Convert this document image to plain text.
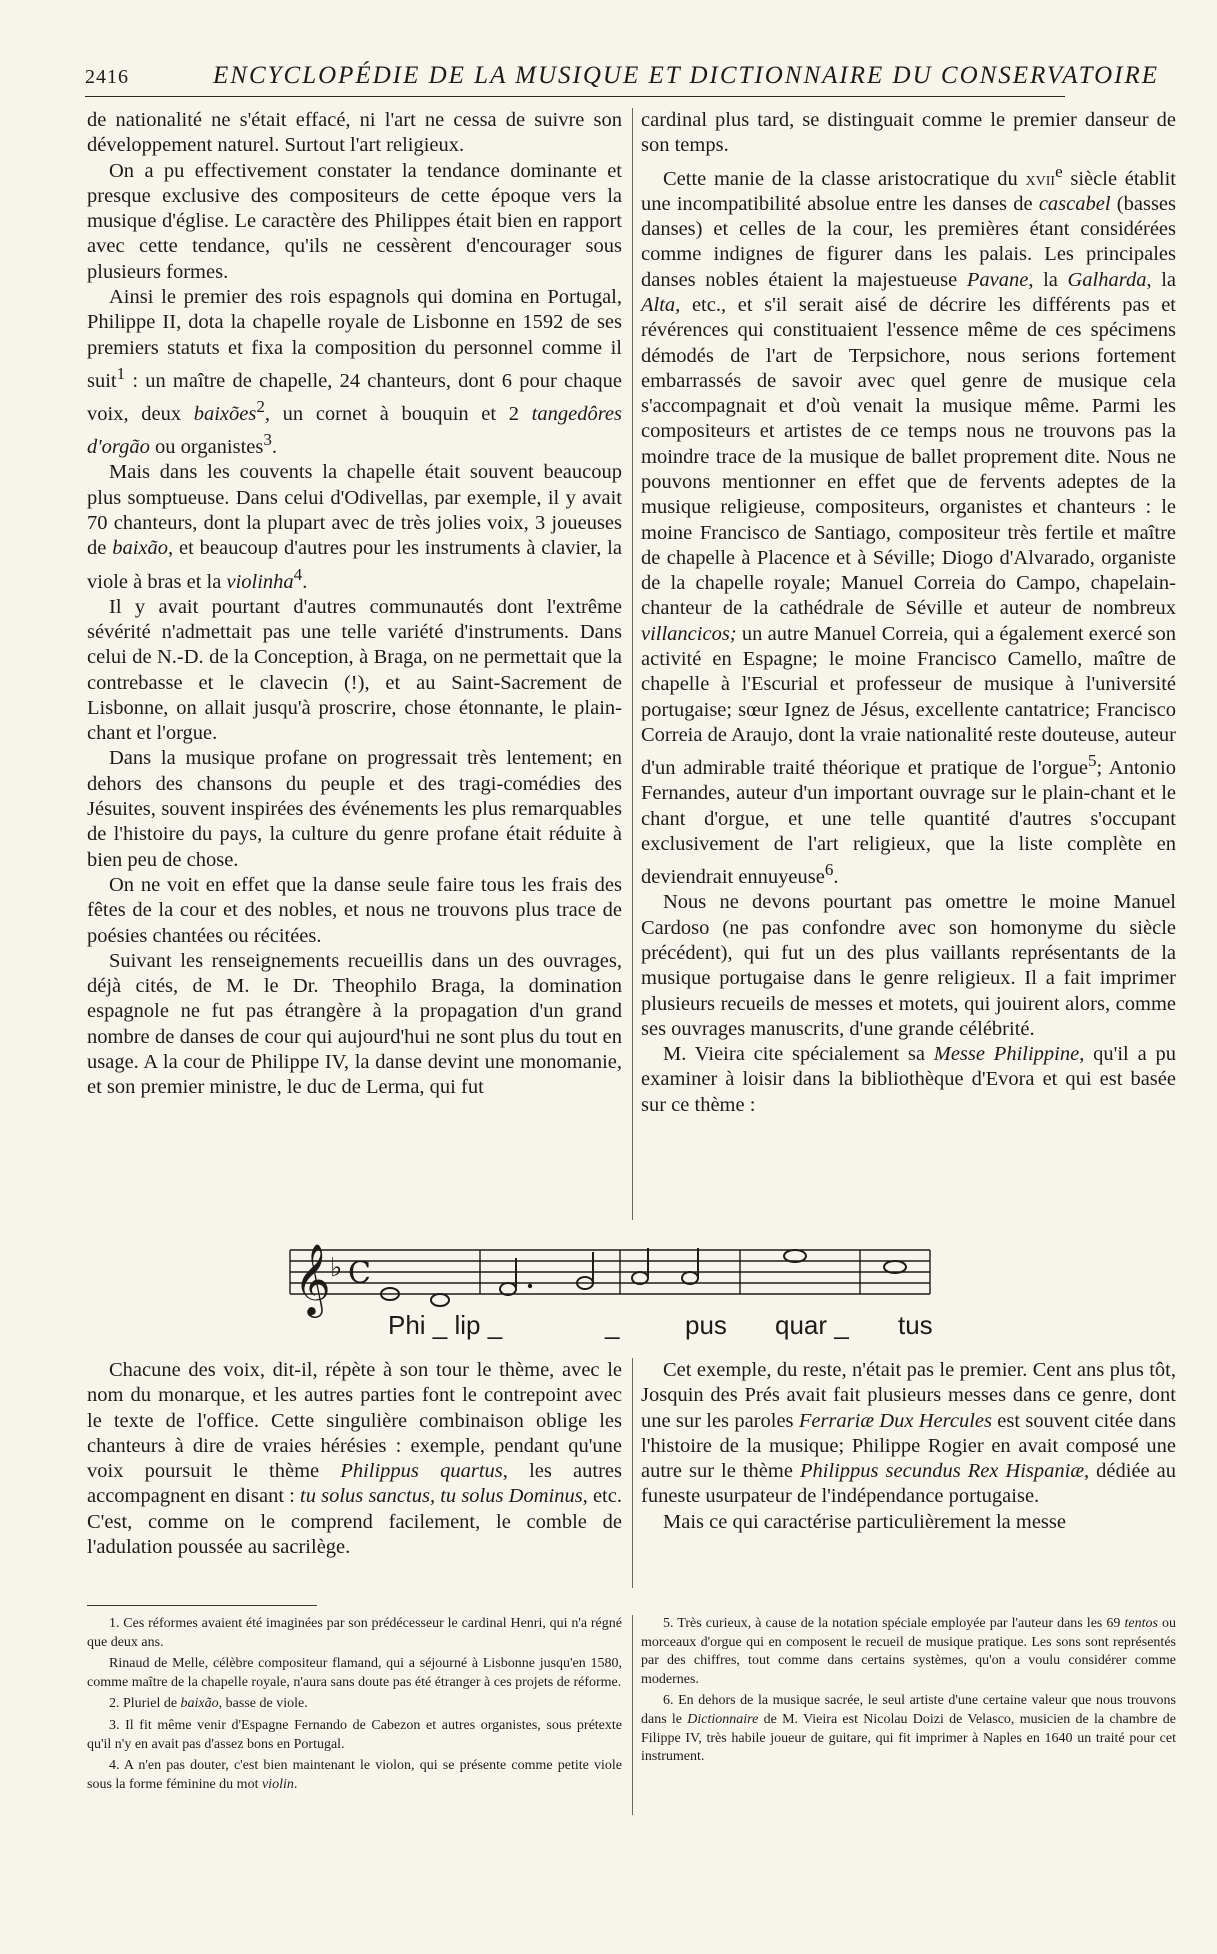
2416	ENCYCLOPÉDIE DE LA MUSIQUE ET DICTIONNAIRE DU CONSERVATOIRE

de nationalité ne s'était effacé, ni l'art ne cessa de suivre son développement naturel. Surtout l'art religieux.

On a pu effectivement constater la tendance dominante et presque exclusive des compositeurs de cette époque vers la musique d'église. Le caractère des Philippes était bien en rapport avec cette tendance, qu'ils ne cessèrent d'encourager sous plusieurs formes.

Ainsi le premier des rois espagnols qui domina en Portugal, Philippe II, dota la chapelle royale de Lisbonne en 1592 de ses premiers statuts et fixa la composition du personnel comme il suit$^1$ : un maître de chapelle, 24 chanteurs, dont 6 pour chaque voix, deux baixões$^2$, un cornet à bouquin et 2 tangedôres d'orgão ou organistes$^3$.

Mais dans les couvents la chapelle était souvent beaucoup plus somptueuse. Dans celui d'Odivellas, par exemple, il y avait 70 chanteurs, dont la plupart avec de très jolies voix, 3 joueuses de baixão, et beaucoup d'autres pour les instruments à clavier, la viole à bras et la violinha$^4$.

Il y avait pourtant d'autres communautés dont l'extrême sévérité n'admettait pas une telle variété d'instruments. Dans celui de N.-D. de la Conception, à Braga, on ne permettait que la contrebasse et le clavecin (!), et au Saint-Sacrement de Lisbonne, on allait jusqu'à proscrire, chose étonnante, le plain-chant et l'orgue.

Dans la musique profane on progressait très lentement; en dehors des chansons du peuple et des tragi-comédies des Jésuites, souvent inspirées des événements les plus remarquables de l'histoire du pays, la culture du genre profane était réduite à bien peu de chose.

On ne voit en effet que la danse seule faire tous les frais des fêtes de la cour et des nobles, et nous ne trouvons plus trace de poésies chantées ou récitées.

Suivant les renseignements recueillis dans un des ouvrages, déjà cités, de M. le Dr. Theophilo Braga, la domination espagnole ne fut pas étrangère à la propagation d'un grand nombre de danses de cour qui aujourd'hui ne sont plus du tout en usage. A la cour de Philippe IV, la danse devint une monomanie, et son premier ministre, le duc de Lerma, qui fut

cardinal plus tard, se distinguait comme le premier danseur de son temps.

Cette manie de la classe aristocratique du xvii$^e$ siècle établit une incompatibilité absolue entre les danses de cascabel (basses danses) et celles de la cour, les premières étant considérées comme indignes de figurer dans les palais. Les principales danses nobles étaient la majestueuse Pavane, la Galharda, la Alta, etc., et s'il serait aisé de décrire les différents pas et révérences qui constituaient l'essence même de ces spécimens démodés de l'art de Terpsichore, nous serions fortement embarrassés de savoir avec quel genre de musique cela s'accompagnait et d'où venait la musique même. Parmi les compositeurs et artistes de ce temps nous ne trouvons pas la moindre trace de la musique de ballet proprement dite. Nous ne pouvons mentionner en effet que de fervents adeptes de la musique religieuse, compositeurs, organistes et chanteurs : le moine Francisco de Santiago, compositeur très fertile et maître de chapelle à Placence et à Séville; Diogo d'Alvarado, organiste de la chapelle royale; Manuel Correia do Campo, chapelain-chanteur de la cathédrale de Séville et auteur de nombreux villancicos; un autre Manuel Correia, qui a également exercé son activité en Espagne; le moine Francisco Camello, maître de chapelle à l'Escurial et professeur de musique à l'université portugaise; sœur Ignez de Jésus, excellente cantatrice; Francisco Correia de Araujo, dont la vraie nationalité reste douteuse, auteur d'un admirable traité théorique et pratique de l'orgue$^5$; Antonio Fernandes, auteur d'un important ouvrage sur le plain-chant et le chant d'orgue, et une telle quantité d'autres s'occupant exclusivement de l'art religieux, que la liste complète en deviendrait ennuyeuse$^6$.

Nous ne devons pourtant pas omettre le moine Manuel Cardoso (ne pas confondre avec son homonyme du siècle précédent), qui fut un des plus vaillants représentants de la musique portugaise dans le genre religieux. Il a fait imprimer plusieurs recueils de messes et motets, qui jouirent alors, comme ses ouvrages manuscrits, d'une grande célébrité.

M. Vieira cite spécialement sa Messe Philippine, qu'il a pu examiner à loisir dans la bibliothèque d'Evora et qui est basée sur ce thème :

𝄞 ♭ C
Phi _ lip _	_	pus quar _ tus

Chacune des voix, dit-il, répète à son tour le thème, avec le nom du monarque, et les autres parties font le contrepoint avec le texte de l'office. Cette singulière combinaison oblige les chanteurs à dire de vraies hérésies : exemple, pendant qu'une voix poursuit le thème Philippus quartus, les autres accompagnent en disant : tu solus sanctus, tu solus Dominus, etc. C'est, comme on le comprend facilement, le comble de l'adulation poussée au sacrilège.

Cet exemple, du reste, n'était pas le premier. Cent ans plus tôt, Josquin des Prés avait fait plusieurs messes dans ce genre, dont une sur les paroles Ferrariæ Dux Hercules est souvent citée dans l'histoire de la musique; Philippe Rogier en avait composé une autre sur le thème Philippus secundus Rex Hispaniæ, dédiée au funeste usurpateur de l'indépendance portugaise.

Mais ce qui caractérise particulièrement la messe

1. Ces réformes avaient été imaginées par son prédécesseur le cardinal Henri, qui n'a régné que deux ans.

Rinaud de Melle, célèbre compositeur flamand, qui a séjourné à Lisbonne jusqu'en 1580, comme maître de la chapelle royale, n'aura sans doute pas été étranger à ces projets de réforme.

2. Pluriel de baixão, basse de viole.

3. Il fit même venir d'Espagne Fernando de Cabezon et autres organistes, sous prétexte qu'il n'y en avait pas d'assez bons en Portugal.

4. A n'en pas douter, c'est bien maintenant le violon, qui se présente comme petite viole sous la forme féminine du mot violin.

5. Très curieux, à cause de la notation spéciale employée par l'auteur dans les 69 tentos ou morceaux d'orgue qui en composent le recueil de musique pratique. Les sons sont représentés par des chiffres, tout comme dans certains systèmes, qu'on a voulu considérer comme modernes.

6. En dehors de la musique sacrée, le seul artiste d'une certaine valeur que nous trouvons dans le Dictionnaire de M. Vieira est Nicolau Doizi de Velasco, musicien de la chambre de Filippe IV, très habile joueur de guitare, qui fit imprimer à Naples en 1640 un traité pour cet instrument.
